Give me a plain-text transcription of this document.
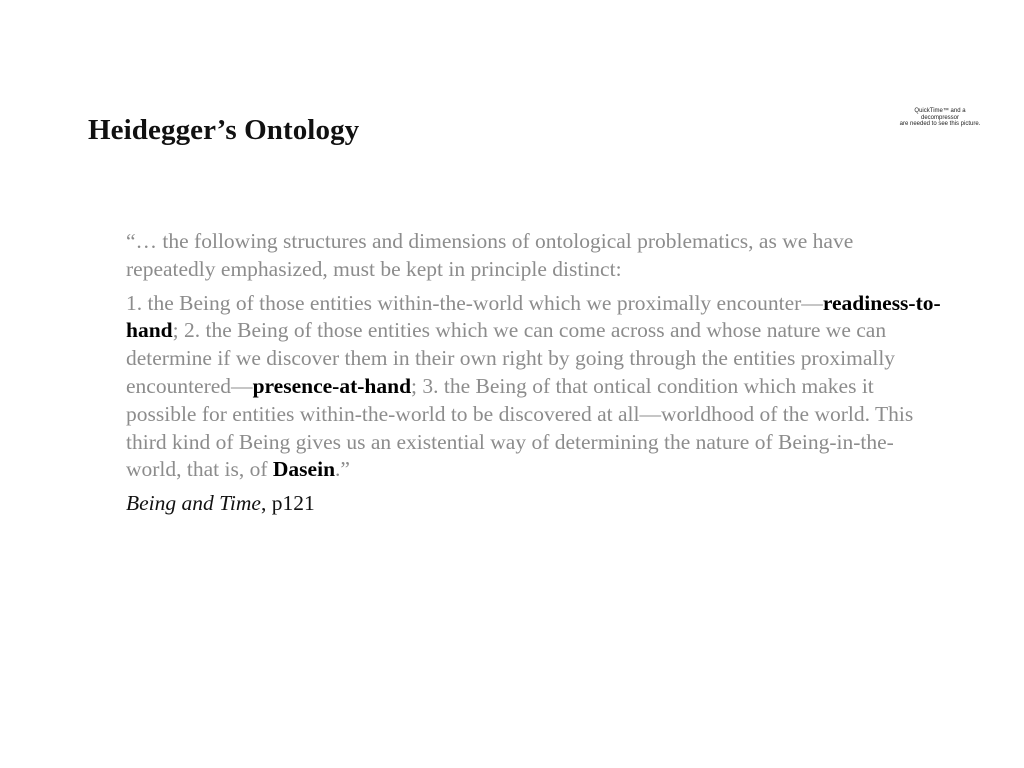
Heidegger’s Ontology
QuickTime™ and a
decompressor
are needed to see this picture.

“… the following structures and dimensions of ontological problematics, as we have repeatedly emphasized, must be kept in principle distinct:

1. the Being of those entities within-the-world which we proximally encounter—readiness-to-hand; 2. the Being of those entities which we can come across and whose nature we can determine if we discover them in their own right by going through the entities proximally encountered—presence-at-hand; 3. the Being of that ontical condition which makes it possible for entities within-the-world to be discovered at all—worldhood of the world. This third kind of Being gives us an existential way of determining the nature of Being-in-the-world, that is, of Dasein.”

Being and Time, p121
